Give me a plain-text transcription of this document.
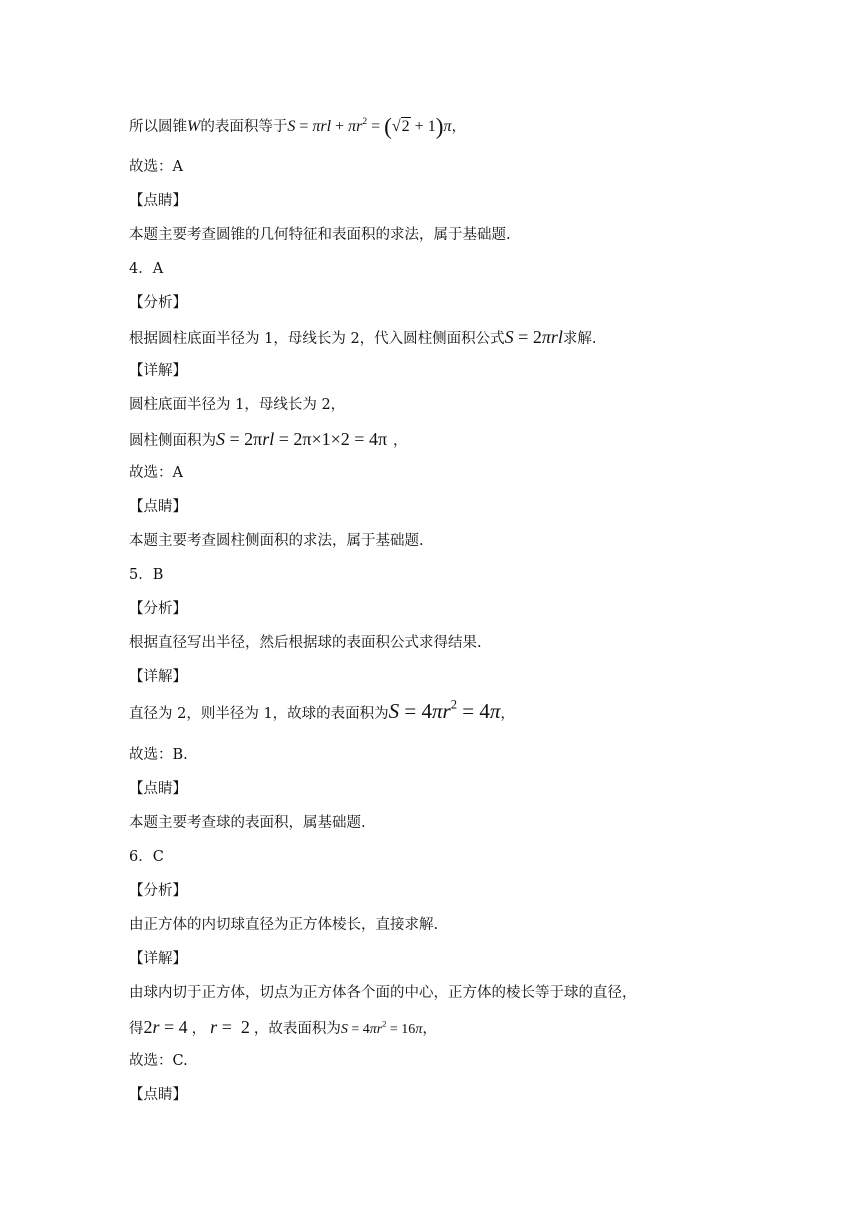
所以圆锥W的表面积等于$S = \pi rl + \pi r^2 = (√2 + 1)\pi$，
故选：A
【点睛】
本题主要考查圆锥的几何特征和表面积的求法，属于基础题.
4．A
【分析】
根据圆柱底面半径为 1，母线长为 2，代入圆柱侧面积公式S = 2πrl求解.
【详解】
圆柱底面半径为 1，母线长为 2，
圆柱侧面积为S = 2πrl = 2π×1×2 = 4π ，
故选：A
【点睛】
本题主要考查圆柱侧面积的求法，属于基础题.
5．B
【分析】
根据直径写出半径，然后根据球的表面积公式求得结果.
【详解】
直径为 2，则半径为 1，故球的表面积为$S = 4\pi r^2 = 4\pi$，
故选：B.
【点睛】
本题主要考查球的表面积，属基础题.
6．C
【分析】
由正方体的内切球直径为正方体棱长，直接求解.
【详解】
由球内切于正方体，切点为正方体各个面的中心，正方体的棱长等于球的直径，
得2r = 4 ， r =  2 ，故表面积为$S = 4\pi r^2 = 16\pi$，
故选：C.
【点睛】
